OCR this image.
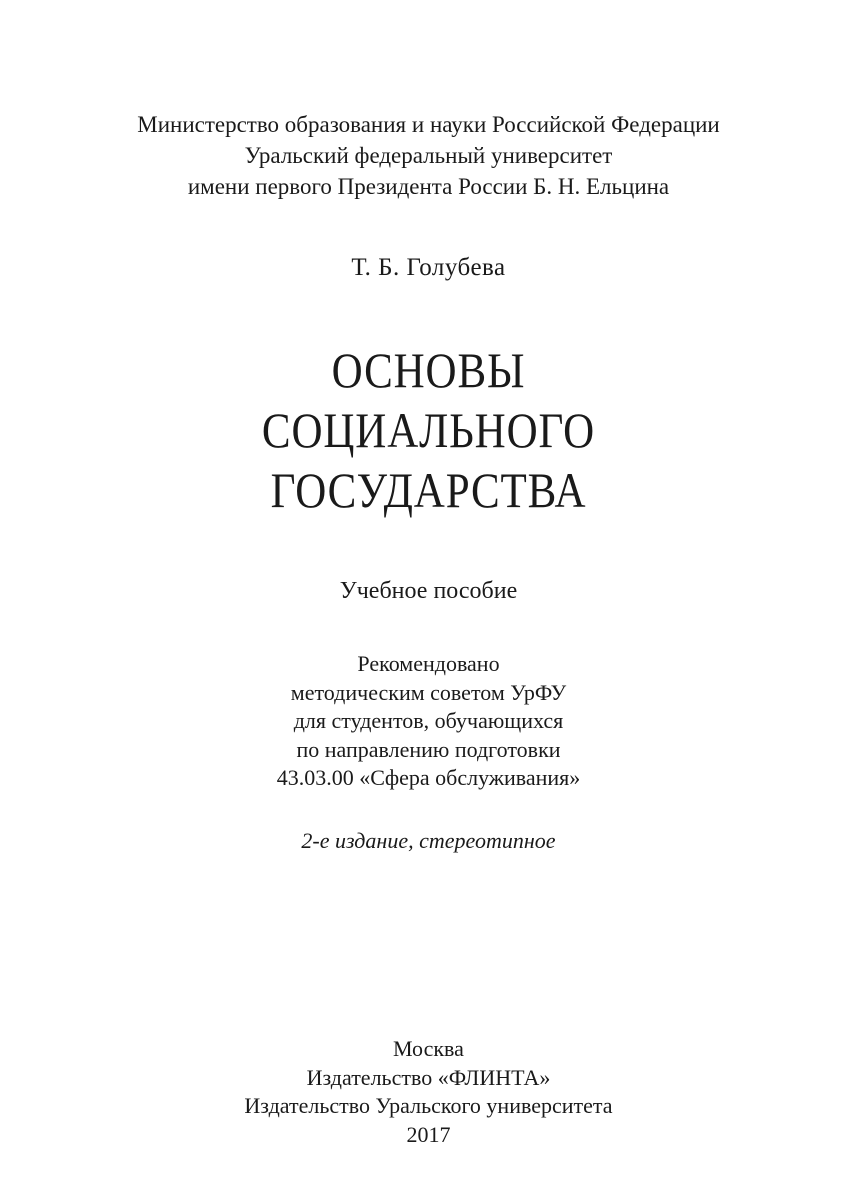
Министерство образования и науки Российской Федерации
Уральский федеральный университет
имени первого Президента России Б. Н. Ельцина
Т. Б. Голубева
ОСНОВЫ
СОЦИАЛЬНОГО
ГОСУДАРСТВА
Учебное пособие
Рекомендовано
методическим советом УрФУ
для студентов, обучающихся
по направлению подготовки
43.03.00 «Сфера обслуживания»
2-е издание, стереотипное
Москва
Издательство «ФЛИНТА»
Издательство Уральского университета
2017
